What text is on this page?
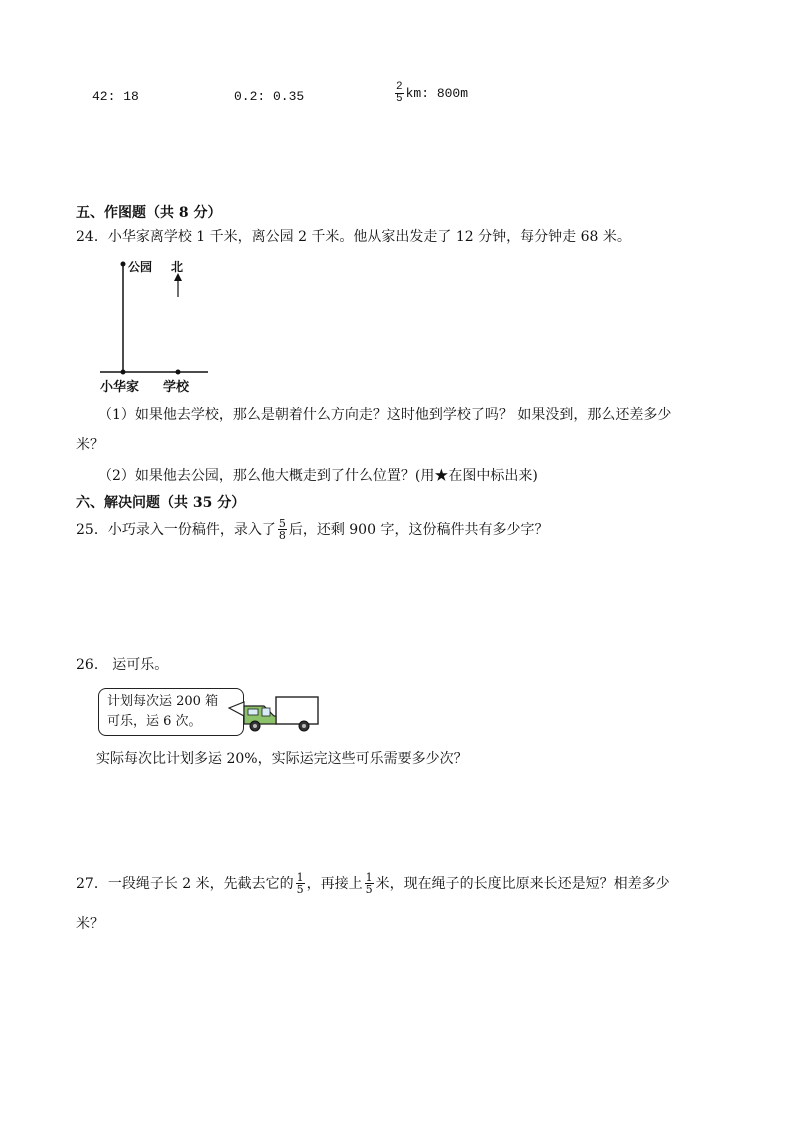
42: 18	0.2: 0.35	$\frac{2}{5}$ km: 800m
五、作图题（共 8 分）
24．小华家离学校 1 千米，离公园 2 千米。他从家出发走了 12 分钟，每分钟走 68 米。
公园 北
小华家 学校
（1）如果他去学校，那么是朝着什么方向走？这时他到学校了吗？ 如果没到，那么还差多少
米？
（2）如果他去公园，那么他大概走到了什么位置？(用★在图中标出来)
六、解决问题（共 35 分）
25．小巧录入一份稿件，录入了 $\frac{5}{8}$ 后，还剩 900 字，这份稿件共有多少字？
26． 运可乐。
计划每次运 200 箱
可乐，运 6 次。
实际每次比计划多运 20%，实际运完这些可乐需要多少次？
27．一段绳子长 2 米，先截去它的 $\frac{1}{5}$ ，再接上 $\frac{1}{5}$ 米，现在绳子的长度比原来长还是短？相差多少
米？
